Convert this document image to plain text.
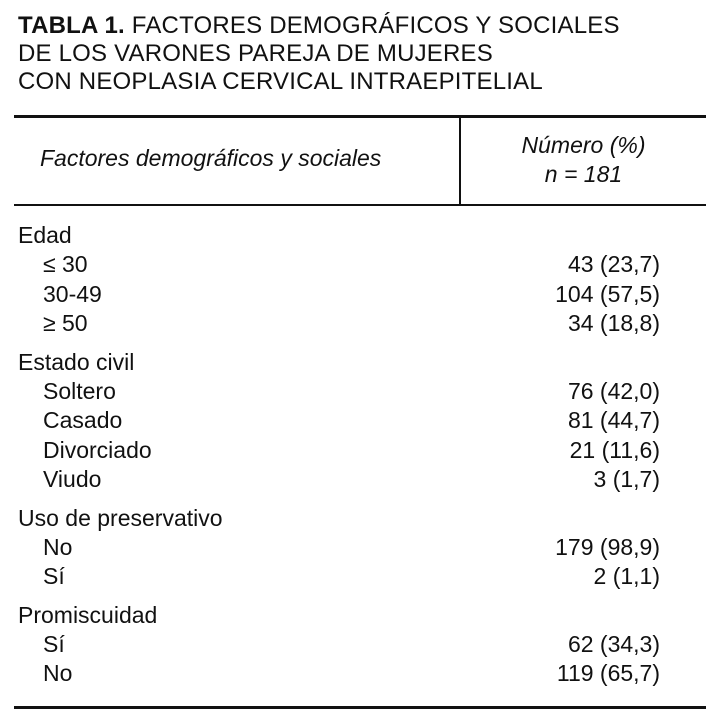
TABLA 1. FACTORES DEMOGRÁFICOS Y SOCIALES
DE LOS VARONES PAREJA DE MUJERES
CON NEOPLASIA CERVICAL INTRAEPITELIAL
Factores demográficos y sociales	Número (%)
n = 181
Edad
≤ 30	43 (23,7)
30-49	104 (57,5)
≥ 50	34 (18,8)
Estado civil
Soltero	76 (42,0)
Casado	81 (44,7)
Divorciado	21 (11,6)
Viudo	3 (1,7)
Uso de preservativo
No	179 (98,9)
Sí	2 (1,1)
Promiscuidad
Sí	62 (34,3)
No	119 (65,7)
